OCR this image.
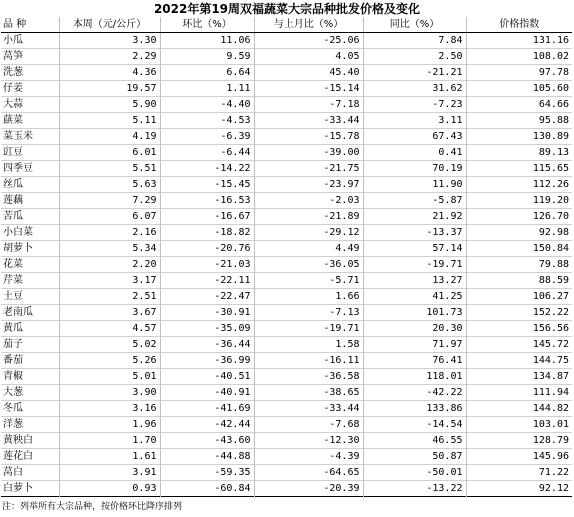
2022年第19周双福蔬菜大宗品种批发价格及变化
品 种	本周（元/公斤）	环比（%）	与上月比（%）	同比（%）	价格指数
小瓜	3.30	11.06	-25.06	7.84	131.16
莴笋	2.29	9.59	4.05	2.50	108.02
洗葱	4.36	6.64	45.40	-21.21	97.78
仔姜	19.57	1.11	-15.14	31.62	105.60
大蒜	5.90	-4.40	-7.18	-7.23	64.66
蕻菜	5.11	-4.53	-33.44	3.11	95.88
菜玉米	4.19	-6.39	-15.78	67.43	130.89
豇豆	6.01	-6.44	-39.00	0.41	89.13
四季豆	5.51	-14.22	-21.75	70.19	115.65
丝瓜	5.63	-15.45	-23.97	11.90	112.26
莲藕	7.29	-16.53	-2.03	-5.87	119.20
苦瓜	6.07	-16.67	-21.89	21.92	126.70
小白菜	2.16	-18.82	-29.12	-13.37	92.98
胡萝卜	5.34	-20.76	4.49	57.14	150.84
花菜	2.20	-21.03	-36.05	-19.71	79.88
芹菜	3.17	-22.11	-5.71	13.27	88.59
土豆	2.51	-22.47	1.66	41.25	106.27
老南瓜	3.67	-30.91	-7.13	101.73	152.22
黄瓜	4.57	-35.09	-19.71	20.30	156.56
茄子	5.02	-36.44	1.58	71.97	145.72
番茄	5.26	-36.99	-16.11	76.41	144.75
青椒	5.01	-40.51	-36.58	118.01	134.87
大葱	3.90	-40.91	-38.65	-42.22	111.94
冬瓜	3.16	-41.69	-33.44	133.86	144.82
洋葱	1.96	-42.44	-7.68	-14.54	103.01
黄秧白	1.70	-43.60	-12.30	46.55	128.79
莲花白	1.61	-44.88	-4.39	50.87	145.96
莴白	3.91	-59.35	-64.65	-50.01	71.22
白萝卜	0.93	-60.84	-20.39	-13.22	92.12
注：列举所有大宗品种，按价格环比降序排列
